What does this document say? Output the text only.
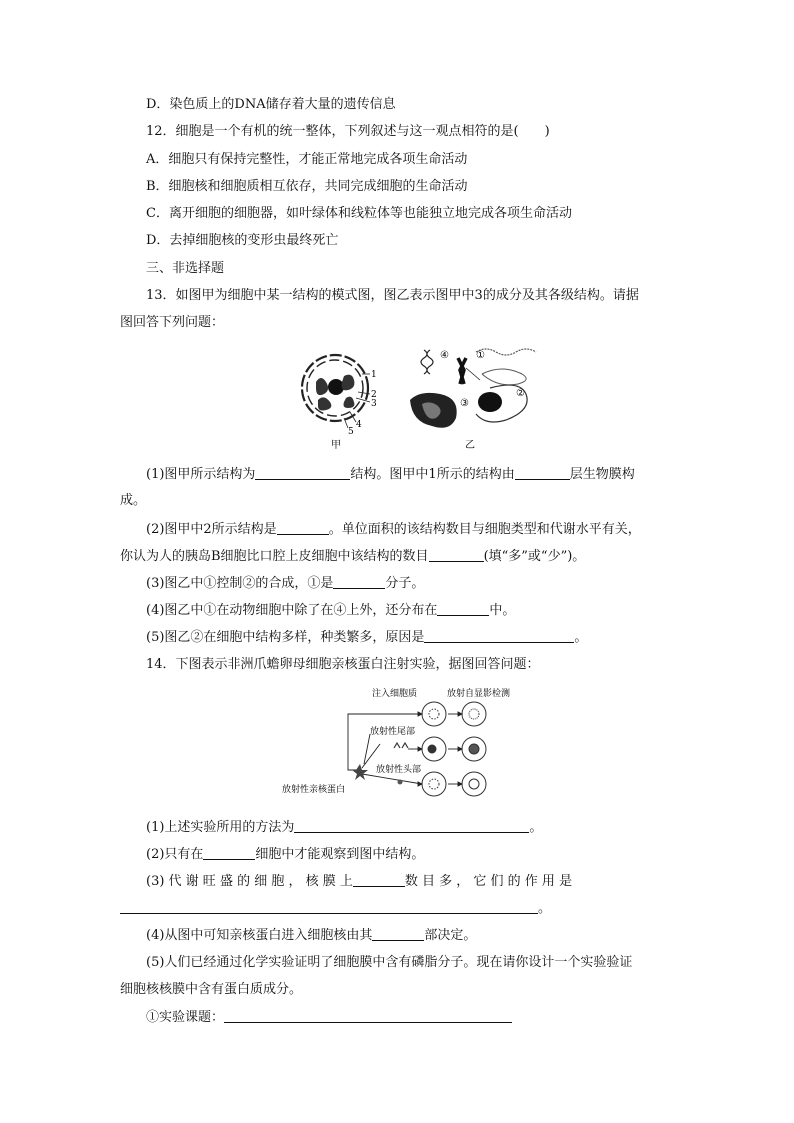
D．染色质上的DNA储存着大量的遗传信息
12．细胞是一个有机的统一整体，下列叙述与这一观点相符的是(　　)
A．细胞只有保持完整性，才能正常地完成各项生命活动
B．细胞核和细胞质相互依存，共同完成细胞的生命活动
C．离开细胞的细胞器，如叶绿体和线粒体等也能独立地完成各项生命活动
D．去掉细胞核的变形虫最终死亡
三、非选择题
13．如图甲为细胞中某一结构的模式图，图乙表示图甲中3的成分及其各级结构。请据
图回答下列问题：
1
2
3
4
5
甲
④	①
②
③
乙
(1)图甲所示结构为	结构。图甲中1所示的结构由	层生物膜构
成。
(2)图甲中2所示结构是	。单位面积的该结构数目与细胞类型和代谢水平有关，
你认为人的胰岛B细胞比口腔上皮细胞中该结构的数目	(填“多”或“少”)。
(3)图乙中①控制②的合成，①是	分子。
(4)图乙中①在动物细胞中除了在④上外，还分布在	中。
(5)图乙②在细胞中结构多样，种类繁多，原因是	。
14．下图表示非洲爪蟾卵母细胞亲核蛋白注射实验，据图回答问题：
注入细胞质	放射自显影检测
放射性亲核蛋白
放射性尾部
放射性头部
(1)上述实验所用的方法为	。
(2)只有在	细胞中才能观察到图中结构。
(3) 代 谢 旺 盛 的 细 胞 ， 核 膜 上	数 目 多 ， 它 们 的 作 用 是
。
(4)从图中可知亲核蛋白进入细胞核由其	部决定。
(5)人们已经通过化学实验证明了细胞膜中含有磷脂分子。现在请你设计一个实验验证
细胞核核膜中含有蛋白质成分。
①实验课题：
